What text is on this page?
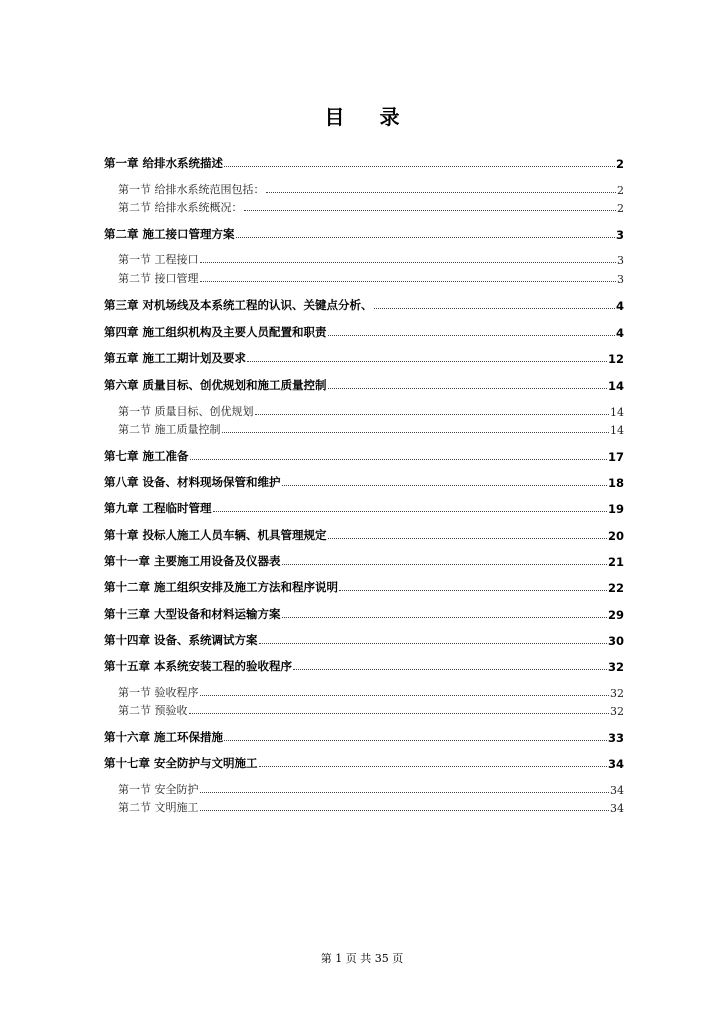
目 录
第一章 给排水系统描述	2
第一节 给排水系统范围包括：	2
第二节 给排水系统概况：	2
第二章 施工接口管理方案	3
第一节 工程接口	3
第二节 接口管理	3
第三章 对机场线及本系统工程的认识、关键点分析、	4
第四章 施工组织机构及主要人员配置和职责	4
第五章 施工工期计划及要求	12
第六章 质量目标、创优规划和施工质量控制	14
第一节 质量目标、创优规划	14
第二节 施工质量控制	14
第七章 施工准备	17
第八章 设备、材料现场保管和维护	18
第九章 工程临时管理	19
第十章 投标人施工人员车辆、机具管理规定	20
第十一章 主要施工用设备及仪器表	21
第十二章 施工组织安排及施工方法和程序说明	22
第十三章 大型设备和材料运输方案	29
第十四章 设备、系统调试方案	30
第十五章 本系统安装工程的验收程序	32
第一节 验收程序	32
第二节 预验收	32
第十六章 施工环保措施	33
第十七章 安全防护与文明施工	34
第一节 安全防护	34
第二节 文明施工	34
第 1 页 共 35 页
